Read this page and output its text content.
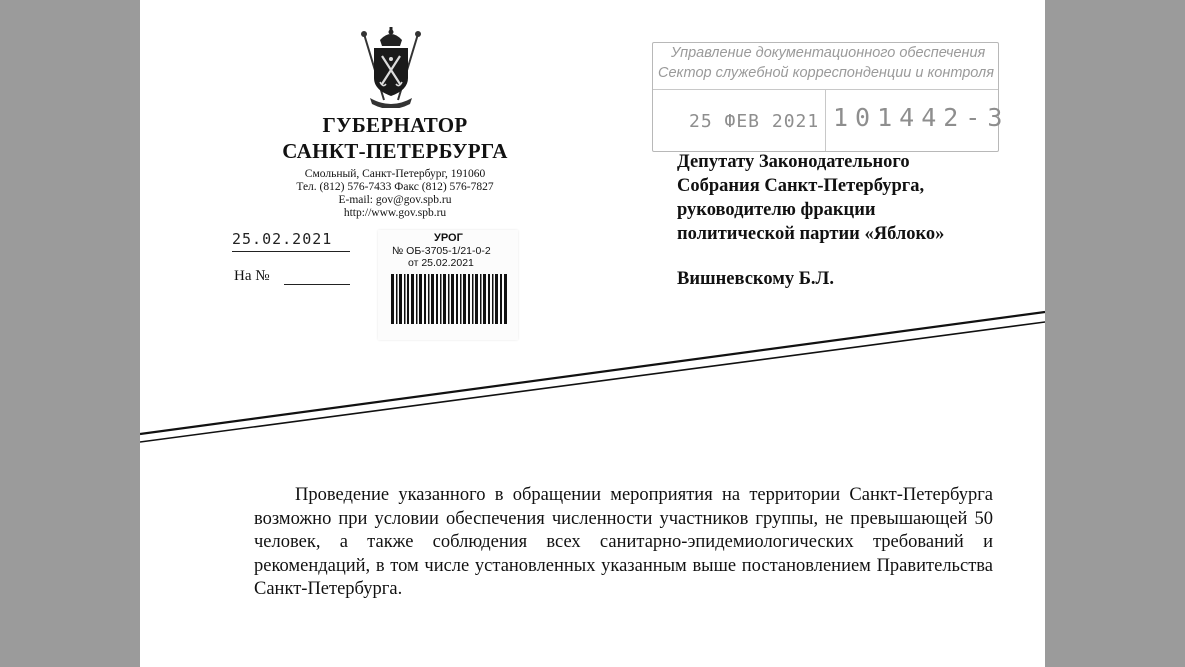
ГУБЕРНАТОР
САНКТ-ПЕТЕРБУРГА
Смольный, Санкт-Петербург, 191060
Тел. (812) 576-7433 Факс (812) 576-7827
E-mail: gov@gov.spb.ru
http://www.gov.spb.ru
25.02.2021
На №
УРОГ
№ ОБ-3705-1/21-0-2
от 25.02.2021
Управление документационного обеспечения
Сектор служебной корреспонденции и контроля
25 ФЕВ 2021 101442-3
Депутату Законодательного
Собрания Санкт-Петербурга,
руководителю фракции
политической партии «Яблоко»
Вишневскому Б.Л.
Проведение указанного в обращении мероприятия на территории Санкт-Петербурга возможно при условии обеспечения численности участников группы, не превышающей 50 человек, а также соблюдения всех санитарно-эпидемиологических требований и рекомендаций, в том числе установленных указанным выше постановлением Правительства Санкт-Петербурга.
